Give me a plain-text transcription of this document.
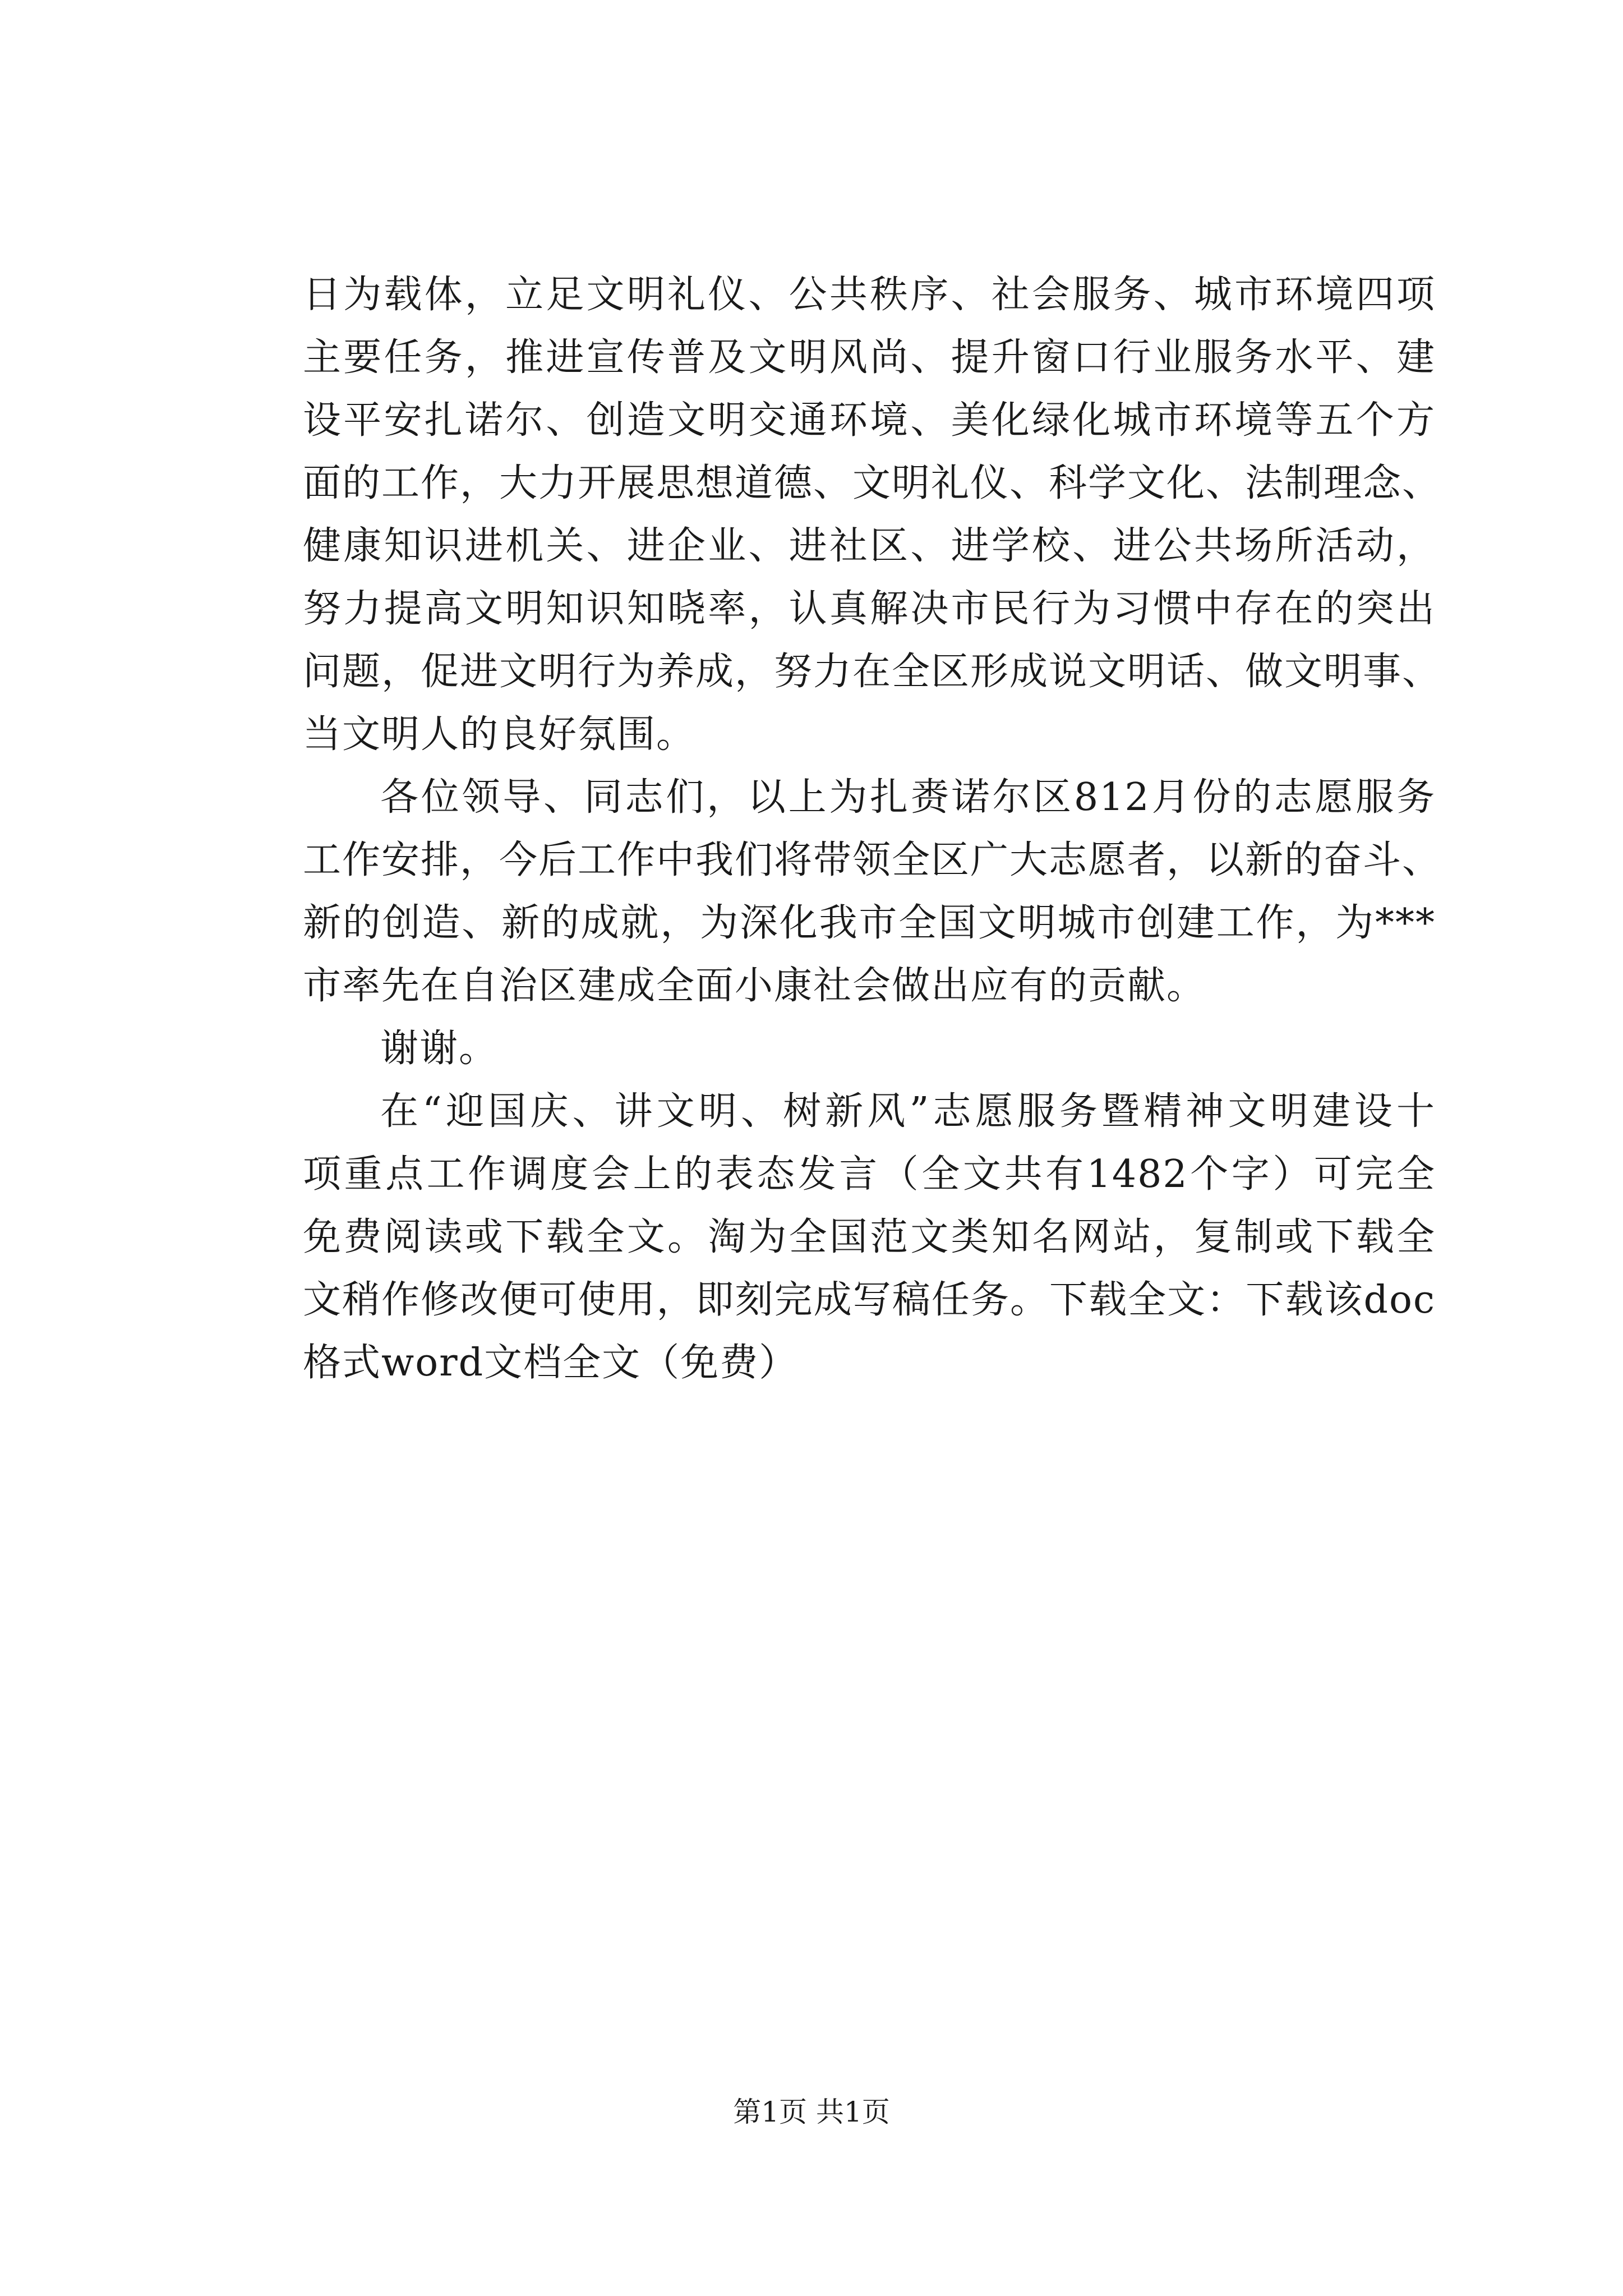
日为载体，立足文明礼仪、公共秩序、社会服务、城市环境四项
主要任务，推进宣传普及文明风尚、提升窗口行业服务水平、建
设平安扎诺尔、创造文明交通环境、美化绿化城市环境等五个方
面的工作，大力开展思想道德、文明礼仪、科学文化、法制理念、
健康知识进机关、进企业、进社区、进学校、进公共场所活动，
努力提高文明知识知晓率，认真解决市民行为习惯中存在的突出
问题，促进文明行为养成，努力在全区形成说文明话、做文明事、
当文明人的良好氛围。
各位领导、同志们，以上为扎赉诺尔区812月份的志愿服务
工作安排，今后工作中我们将带领全区广大志愿者，以新的奋斗、
新的创造、新的成就，为深化我市全国文明城市创建工作，为***
市率先在自治区建成全面小康社会做出应有的贡献。
谢谢。
在“迎国庆、讲文明、树新风”志愿服务暨精神文明建设十
项重点工作调度会上的表态发言（全文共有1482个字）可完全
免费阅读或下载全文。淘为全国范文类知名网站，复制或下载全
文稍作修改便可使用，即刻完成写稿任务。下载全文：下载该doc
格式word文档全文（免费）
第1页 共1页
